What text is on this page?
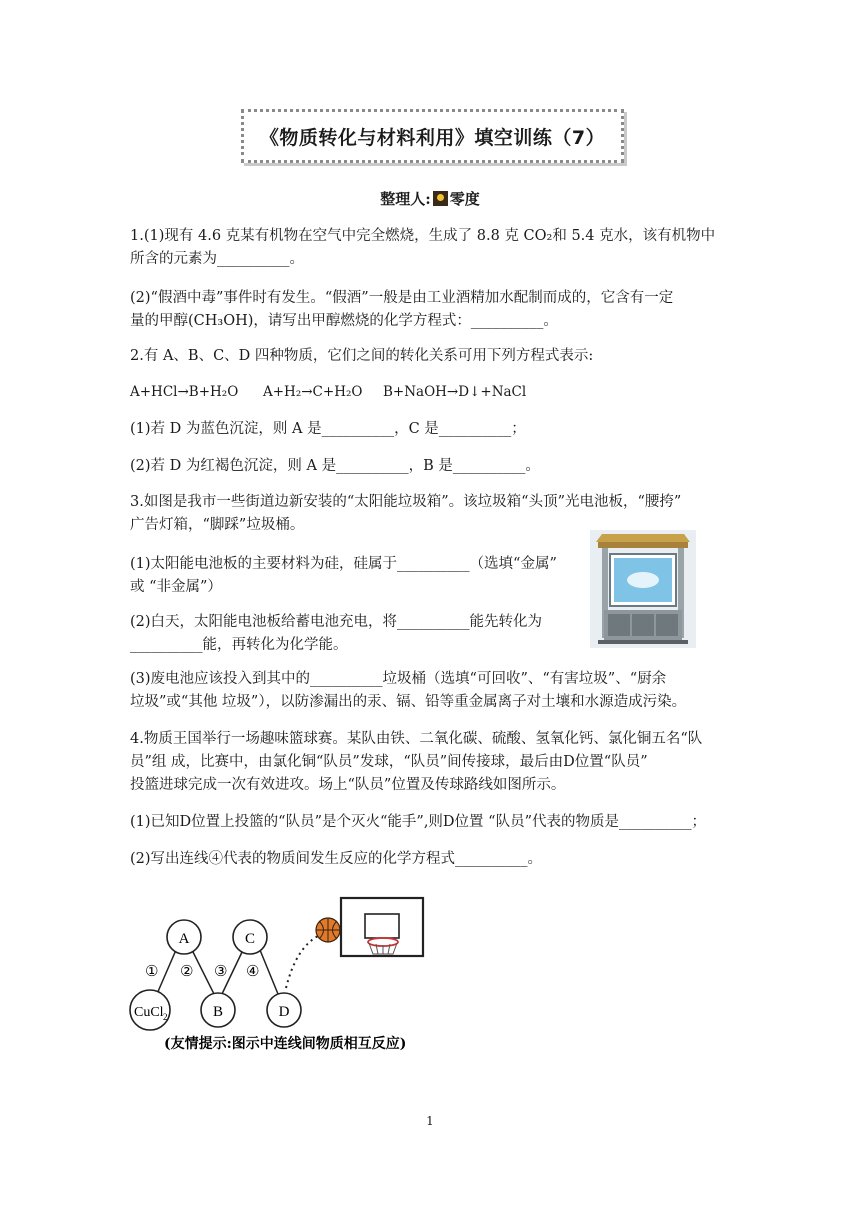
《物质转化与材料利用》填空训练（7）
整理人: 零度
1.(1)现有 4.6 克某有机物在空气中完全燃烧，生成了 8.8 克 CO₂和 5.4 克水，该有机物中
所含的元素为__________。
(2)“假酒中毒”事件时有发生。“假酒”一般是由工业酒精加水配制而成的，它含有一定
量的甲醇(CH₃OH)，请写出甲醇燃烧的化学方程式：__________。
2.有 A、B、C、D 四种物质，它们之间的转化关系可用下列方程式表示:
A+HCl→B+H₂O A+H₂→C+H₂O B+NaOH→D↓+NaCl
(1)若 D 为蓝色沉淀，则 A 是__________，C 是__________；
(2)若 D 为红褐色沉淀，则 A 是__________，B 是__________。
3.如图是我市一些街道边新安装的“太阳能垃圾箱”。该垃圾箱“头顶”光电池板，“腰挎”
广告灯箱，“脚踩”垃圾桶。
(1)太阳能电池板的主要材料为硅，硅属于__________（选填“金属”
或 “非金属”）
(2)白天，太阳能电池板给蓄电池充电，将__________能先转化为
__________能，再转化为化学能。
(3)废电池应该投入到其中的__________垃圾桶（选填“可回收”、“有害垃圾”、“厨余
垃圾”或“其他 垃圾”），以防渗漏出的汞、镉、铅等重金属离子对土壤和水源造成污染。
4.物质王国举行一场趣味篮球赛。某队由铁、二氧化碳、硫酸、氢氧化钙、氯化铜五名“队
员”组 成，比赛中，由氯化铜“队员”发球，“队员”间传接球，最后由D位置“队员”
投篮进球完成一次有效进攻。场上“队员”位置及传球路线如图所示。
(1)已知D位置上投篮的“队员”是个灭火“能手”,则D位置 “队员”代表的物质是__________；
(2)写出连线④代表的物质间发生反应的化学方程式__________。
A	C
CuCl 2	B	D
① ② ③ ④
(友情提示:图示中连线间物质相互反应)
1
